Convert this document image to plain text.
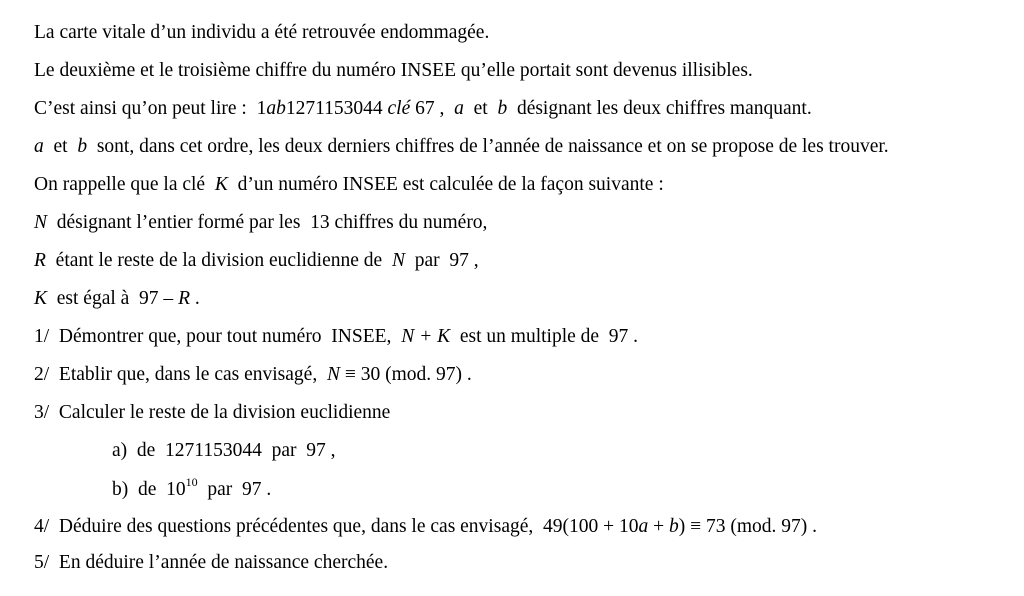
La carte vitale d’un individu a été retrouvée endommagée.
Le deuxième et le troisième chiffre du numéro INSEE qu’elle portait sont devenus illisibles.
C’est ainsi qu’on peut lire :  1ab1271153044 clé 67 ,  a  et  b  désignant les deux chiffres manquant.
a  et  b  sont, dans cet ordre, les deux derniers chiffres de l’année de naissance et on se propose de les trouver.
On rappelle que la clé  K  d’un numéro INSEE est calculée de la façon suivante :
N  désignant l’entier formé par les  13 chiffres du numéro,
R  étant le reste de la division euclidienne de  N  par  97 ,
K  est égal à  97 – R .
1/  Démontrer que, pour tout numéro  INSEE,  N + K  est un multiple de  97 .
2/  Etablir que, dans le cas envisagé,  N ≡ 30 (mod. 97) .
3/  Calculer le reste de la division euclidienne
a)  de  1271153044  par  97 ,
b)  de  $10^{10}$  par  97 .
4/  Déduire des questions précédentes que, dans le cas envisagé,  49(100 + 10a + b) ≡ 73 (mod. 97) .
5/  En déduire l’année de naissance cherchée.
